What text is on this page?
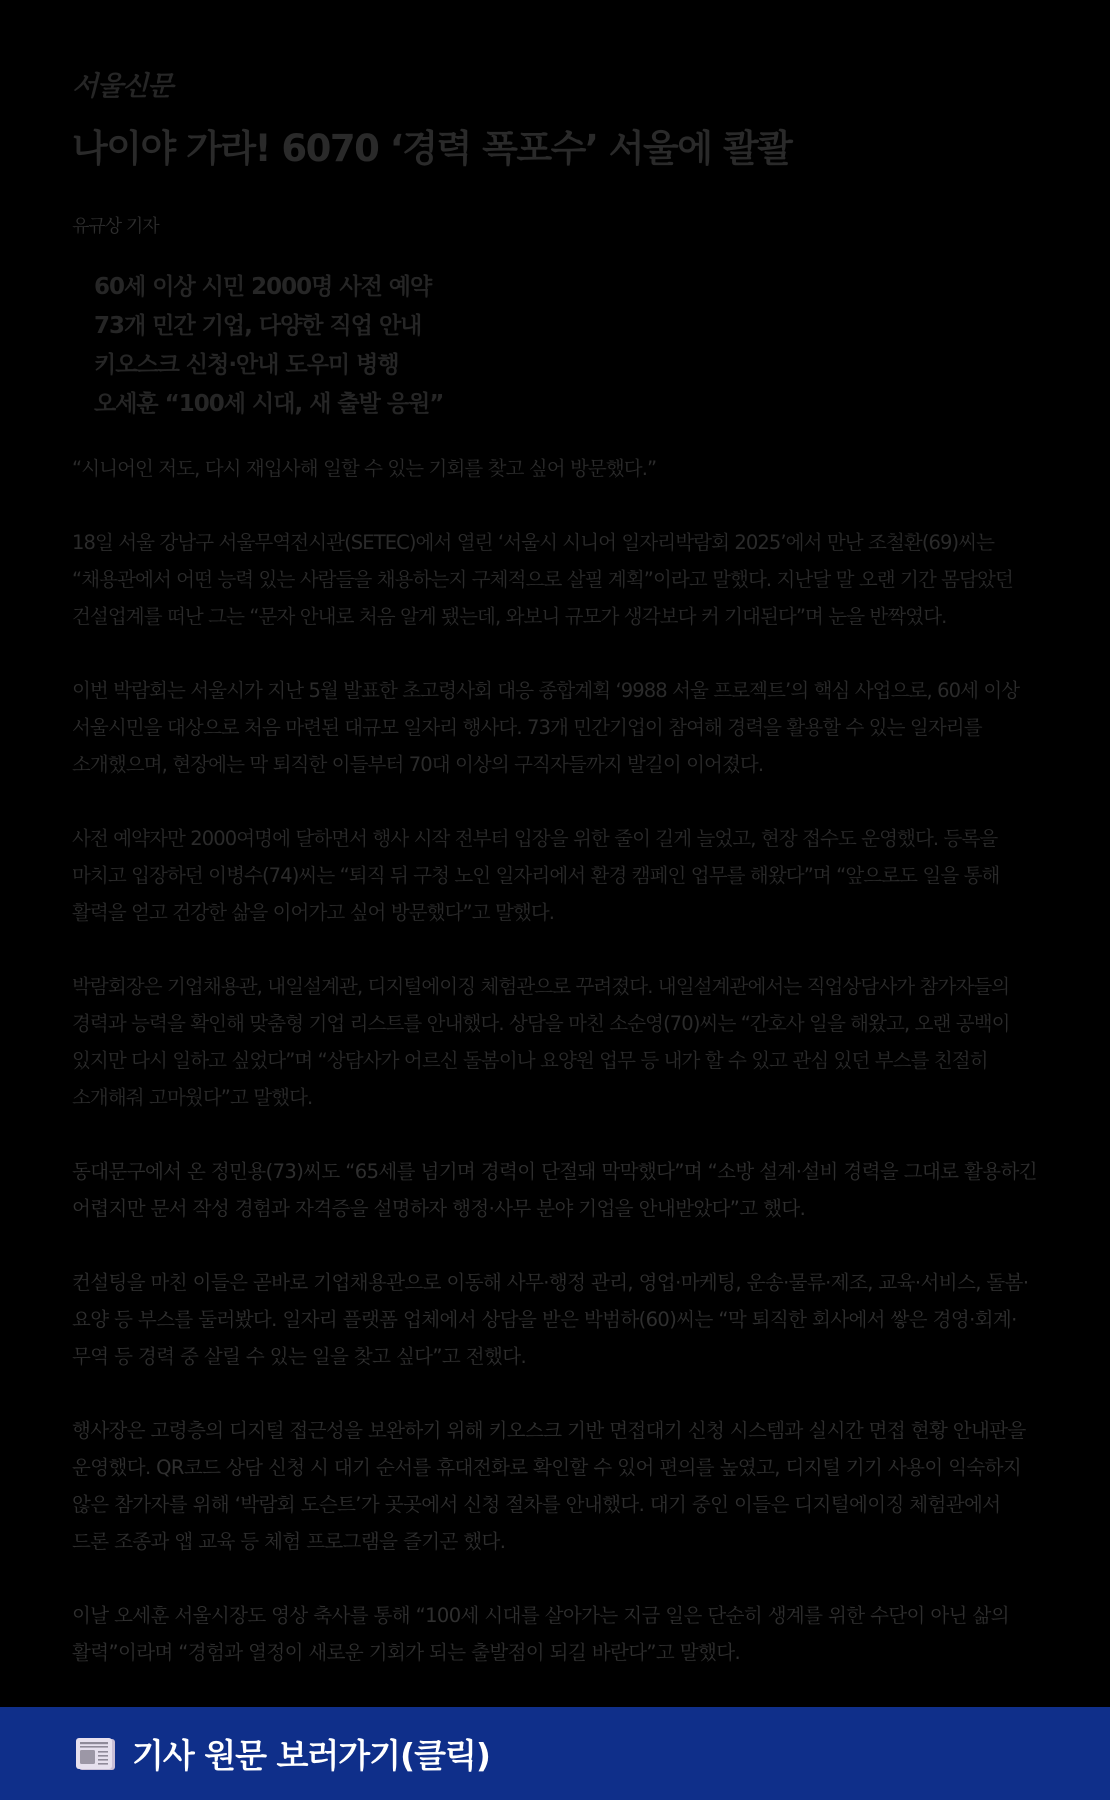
서울신문
나이야 가라! 6070 ‘경력 폭포수’ 서울에 콸콸
유규상 기자
60세 이상 시민 2000명 사전 예약
73개 민간 기업, 다양한 직업 안내
키오스크 신청·안내 도우미 병행
오세훈 “100세 시대, 새 출발 응원”

“시니어인 저도, 다시 재입사해 일할 수 있는 기회를 찾고 싶어 방문했다.”

18일 서울 강남구 서울무역전시관(SETEC)에서 열린 ‘서울시 시니어 일자리박람회 2025’에서 만난 조철환(69)씨는 “채용관에서 어떤 능력 있는 사람들을 채용하는지 구체적으로 살필 계획”이라고 말했다. 지난달 말 오랜 기간 몸담았던 건설업계를 떠난 그는 “문자 안내로 처음 알게 됐는데, 와보니 규모가 생각보다 커 기대된다”며 눈을 반짝였다.

이번 박람회는 서울시가 지난 5월 발표한 초고령사회 대응 종합계획 ‘9988 서울 프로젝트’의 핵심 사업으로, 60세 이상 서울시민을 대상으로 처음 마련된 대규모 일자리 행사다. 73개 민간기업이 참여해 경력을 활용할 수 있는 일자리를 소개했으며, 현장에는 막 퇴직한 이들부터 70대 이상의 구직자들까지 발길이 이어졌다.

사전 예약자만 2000여명에 달하면서 행사 시작 전부터 입장을 위한 줄이 길게 늘었고, 현장 접수도 운영했다. 등록을 마치고 입장하던 이병수(74)씨는 “퇴직 뒤 구청 노인 일자리에서 환경 캠페인 업무를 해왔다”며 “앞으로도 일을 통해 활력을 얻고 건강한 삶을 이어가고 싶어 방문했다”고 말했다.

박람회장은 기업채용관, 내일설계관, 디지털에이징 체험관으로 꾸려졌다. 내일설계관에서는 직업상담사가 참가자들의 경력과 능력을 확인해 맞춤형 기업 리스트를 안내했다. 상담을 마친 소순영(70)씨는 “간호사 일을 해왔고, 오랜 공백이 있지만 다시 일하고 싶었다”며 “상담사가 어르신 돌봄이나 요양원 업무 등 내가 할 수 있고 관심 있던 부스를 친절히 소개해줘 고마웠다”고 말했다.

동대문구에서 온 정민용(73)씨도 “65세를 넘기며 경력이 단절돼 막막했다”며 “소방 설계·설비 경력을 그대로 활용하긴 어렵지만 문서 작성 경험과 자격증을 설명하자 행정·사무 분야 기업을 안내받았다”고 했다.

컨설팅을 마친 이들은 곧바로 기업채용관으로 이동해 사무·행정 관리, 영업·마케팅, 운송·물류·제조, 교육·서비스, 돌봄·요양 등 부스를 둘러봤다. 일자리 플랫폼 업체에서 상담을 받은 박범하(60)씨는 “막 퇴직한 회사에서 쌓은 경영·회계·무역 등 경력 중 살릴 수 있는 일을 찾고 싶다”고 전했다.

행사장은 고령층의 디지털 접근성을 보완하기 위해 키오스크 기반 면접대기 신청 시스템과 실시간 면접 현황 안내판을 운영했다. QR코드 상담 신청 시 대기 순서를 휴대전화로 확인할 수 있어 편의를 높였고, 디지털 기기 사용이 익숙하지 않은 참가자를 위해 ‘박람회 도슨트’가 곳곳에서 신청 절차를 안내했다. 대기 중인 이들은 디지털에이징 체험관에서 드론 조종과 앱 교육 등 체험 프로그램을 즐기곤 했다.

이날 오세훈 서울시장도 영상 축사를 통해 “100세 시대를 살아가는 지금 일은 단순히 생계를 위한 수단이 아닌 삶의 활력”이라며 “경험과 열정이 새로운 기회가 되는 출발점이 되길 바란다”고 말했다.

기사 원문 보러가기(클릭)
